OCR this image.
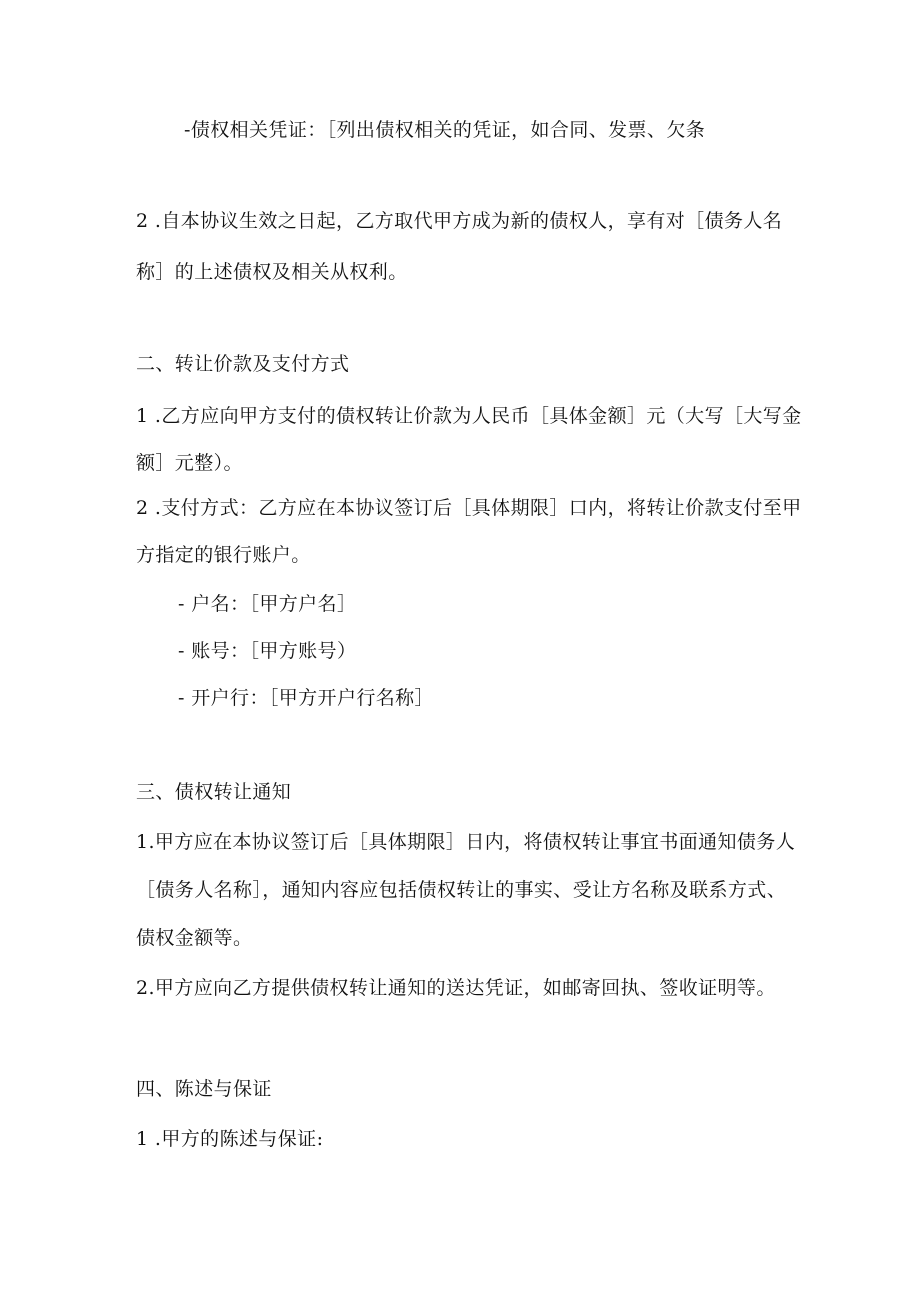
-债权相关凭证：［列出债权相关的凭证，如合同、发票、欠条
2 .自本协议生效之日起，乙方取代甲方成为新的债权人，享有对［债务人名
称］的上述债权及相关从权利。
二、转让价款及支付方式
1 .乙方应向甲方支付的债权转让价款为人民币［具体金额］元（大写［大写金
额］元整）。
2 .支付方式：乙方应在本协议签订后［具体期限］口内，将转让价款支付至甲
方指定的银行账户。
- 户名：［甲方户名］
- 账号：［甲方账号）
- 开户行：［甲方开户行名称］
三、债权转让通知
1.甲方应在本协议签订后［具体期限］日内，将债权转让事宜书面通知债务人
［债务人名称］，通知内容应包括债权转让的事实、受让方名称及联系方式、
债权金额等。
2.甲方应向乙方提供债权转让通知的送达凭证，如邮寄回执、签收证明等。
四、陈述与保证
1 .甲方的陈述与保证:
